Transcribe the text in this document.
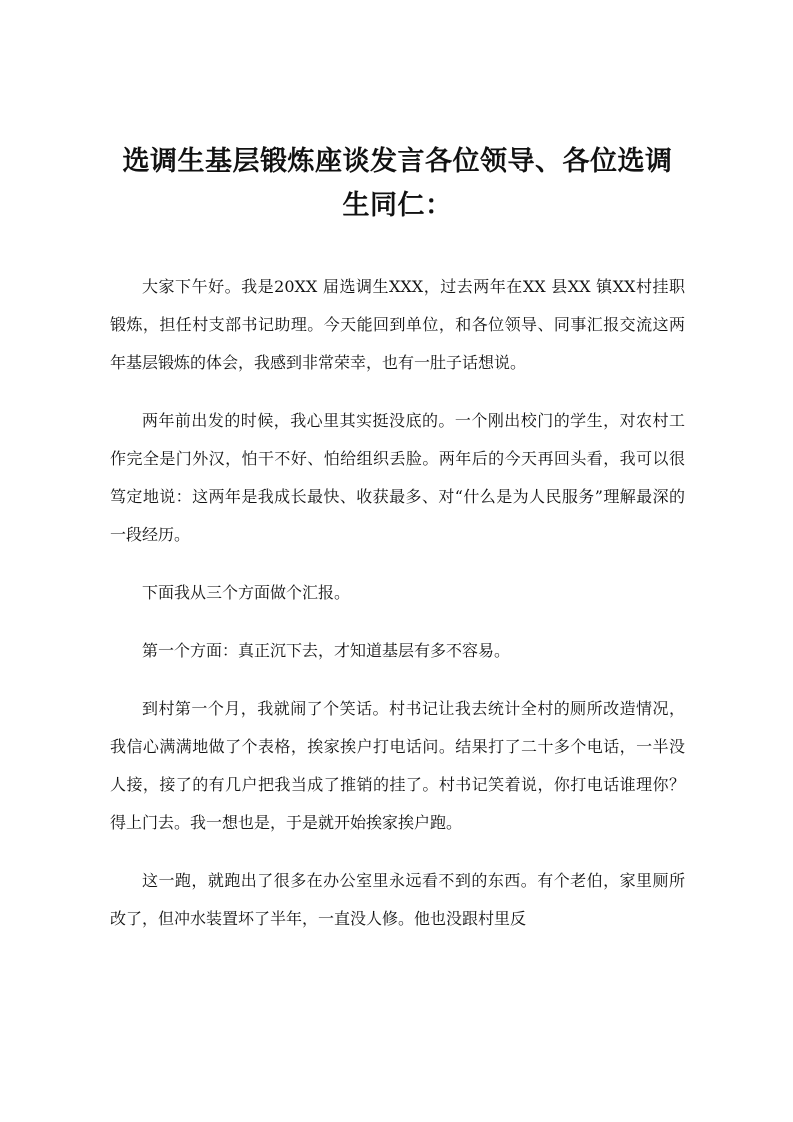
选调生基层锻炼座谈发言各位领导、各位选调生同仁：

大家下午好。我是20XX 届选调生XXX，过去两年在XX 县XX 镇XX村挂职锻炼，担任村支部书记助理。今天能回到单位，和各位领导、同事汇报交流这两年基层锻炼的体会，我感到非常荣幸，也有一肚子话想说。

两年前出发的时候，我心里其实挺没底的。一个刚出校门的学生，对农村工作完全是门外汉，怕干不好、怕给组织丢脸。两年后的今天再回头看，我可以很笃定地说：这两年是我成长最快、收获最多、对“什么是为人民服务”理解最深的一段经历。

下面我从三个方面做个汇报。

第一个方面：真正沉下去，才知道基层有多不容易。

到村第一个月，我就闹了个笑话。村书记让我去统计全村的厕所改造情况，我信心满满地做了个表格，挨家挨户打电话问。结果打了二十多个电话，一半没人接，接了的有几户把我当成了推销的挂了。村书记笑着说，你打电话谁理你？得上门去。我一想也是，于是就开始挨家挨户跑。

这一跑，就跑出了很多在办公室里永远看不到的东西。有个老伯，家里厕所改了，但冲水装置坏了半年，一直没人修。他也没跟村里反
